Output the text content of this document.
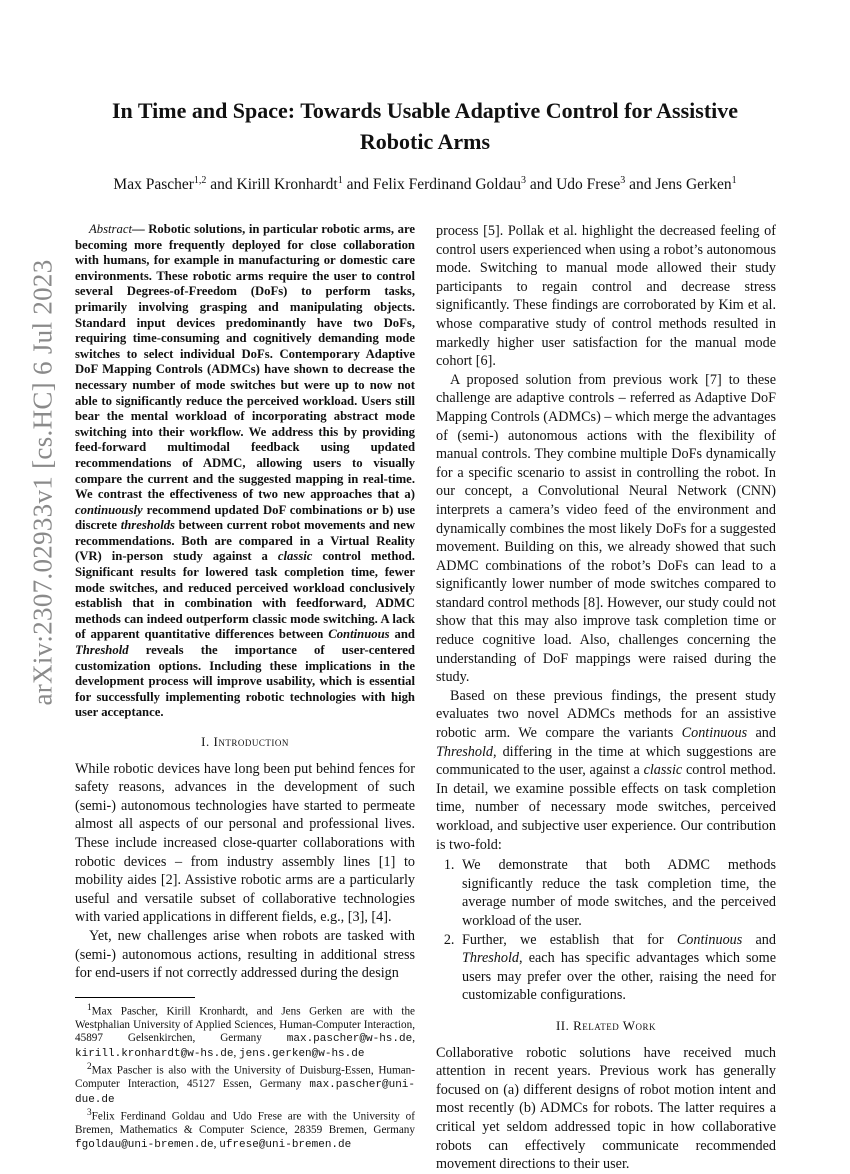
arXiv:2307.02933v1 [cs.HC] 6 Jul 2023
In Time and Space: Towards Usable Adaptive Control for Assistive Robotic Arms

Max Pascher$^{1,2}$ and Kirill Kronhardt$^1$ and Felix Ferdinand Goldau$^3$ and Udo Frese$^3$ and Jens Gerken$^1$

Abstract— Robotic solutions, in particular robotic arms, are becoming more frequently deployed for close collaboration with humans, for example in manufacturing or domestic care environments. These robotic arms require the user to control several Degrees-of-Freedom (DoFs) to perform tasks, primarily involving grasping and manipulating objects. Standard input devices predominantly have two DoFs, requiring time-consuming and cognitively demanding mode switches to select individual DoFs. Contemporary Adaptive DoF Mapping Controls (ADMCs) have shown to decrease the necessary number of mode switches but were up to now not able to significantly reduce the perceived workload. Users still bear the mental workload of incorporating abstract mode switching into their workflow. We address this by providing feed-forward multimodal feedback using updated recommendations of ADMC, allowing users to visually compare the current and the suggested mapping in real-time. We contrast the effectiveness of two new approaches that a) continuously recommend updated DoF combinations or b) use discrete thresholds between current robot movements and new recommendations. Both are compared in a Virtual Reality (VR) in-person study against a classic control method. Significant results for lowered task completion time, fewer mode switches, and reduced perceived workload conclusively establish that in combination with feedforward, ADMC methods can indeed outperform classic mode switching. A lack of apparent quantitative differences between Continuous and Threshold reveals the importance of user-centered customization options. Including these implications in the development process will improve usability, which is essential for successfully implementing robotic technologies with high user acceptance.

I. Introduction

While robotic devices have long been put behind fences for safety reasons, advances in the development of such (semi-) autonomous technologies have started to permeate almost all aspects of our personal and professional lives. These include increased close-quarter collaborations with robotic devices – from industry assembly lines [1] to mobility aides [2]. Assistive robotic arms are a particularly useful and versatile subset of collaborative technologies with varied applications in different fields, e.g., [3], [4].

Yet, new challenges arise when robots are tasked with (semi-) autonomous actions, resulting in additional stress for end-users if not correctly addressed during the design

$^1$Max Pascher, Kirill Kronhardt, and Jens Gerken are with the Westphalian University of Applied Sciences, Human-Computer Interaction, 45897 Gelsenkirchen, Germany max.pascher@w-hs.de, kirill.kronhardt@w-hs.de, jens.gerken@w-hs.de

$^2$Max Pascher is also with the University of Duisburg-Essen, Human-Computer Interaction, 45127 Essen, Germany max.pascher@uni-due.de

$^3$Felix Ferdinand Goldau and Udo Frese are with the University of Bremen, Mathematics & Computer Science, 28359 Bremen, Germany fgoldau@uni-bremen.de, ufrese@uni-bremen.de

process [5]. Pollak et al. highlight the decreased feeling of control users experienced when using a robot’s autonomous mode. Switching to manual mode allowed their study participants to regain control and decrease stress significantly. These findings are corroborated by Kim et al. whose comparative study of control methods resulted in markedly higher user satisfaction for the manual mode cohort [6].

A proposed solution from previous work [7] to these challenge are adaptive controls – referred as Adaptive DoF Mapping Controls (ADMCs) – which merge the advantages of (semi-) autonomous actions with the flexibility of manual controls. They combine multiple DoFs dynamically for a specific scenario to assist in controlling the robot. In our concept, a Convolutional Neural Network (CNN) interprets a camera’s video feed of the environment and dynamically combines the most likely DoFs for a suggested movement. Building on this, we already showed that such ADMC combinations of the robot’s DoFs can lead to a significantly lower number of mode switches compared to standard control methods [8]. However, our study could not show that this may also improve task completion time or reduce cognitive load. Also, challenges concerning the understanding of DoF mappings were raised during the study.

Based on these previous findings, the present study evaluates two novel ADMCs methods for an assistive robotic arm. We compare the variants Continuous and Threshold, differing in the time at which suggestions are communicated to the user, against a classic control method. In detail, we examine possible effects on task completion time, number of necessary mode switches, perceived workload, and subjective user experience. Our contribution is two-fold:

1. We demonstrate that both ADMC methods significantly reduce the task completion time, the average number of mode switches, and the perceived workload of the user.
2. Further, we establish that for Continuous and Threshold, each has specific advantages which some users may prefer over the other, raising the need for customizable configurations.
II. Related Work

Collaborative robotic solutions have received much attention in recent years. Previous work has generally focused on (a) different designs of robot motion intent and most recently (b) ADMCs for robots. The latter requires a critical yet seldom addressed topic in how collaborative robots can effectively communicate recommended movement directions to their user.
